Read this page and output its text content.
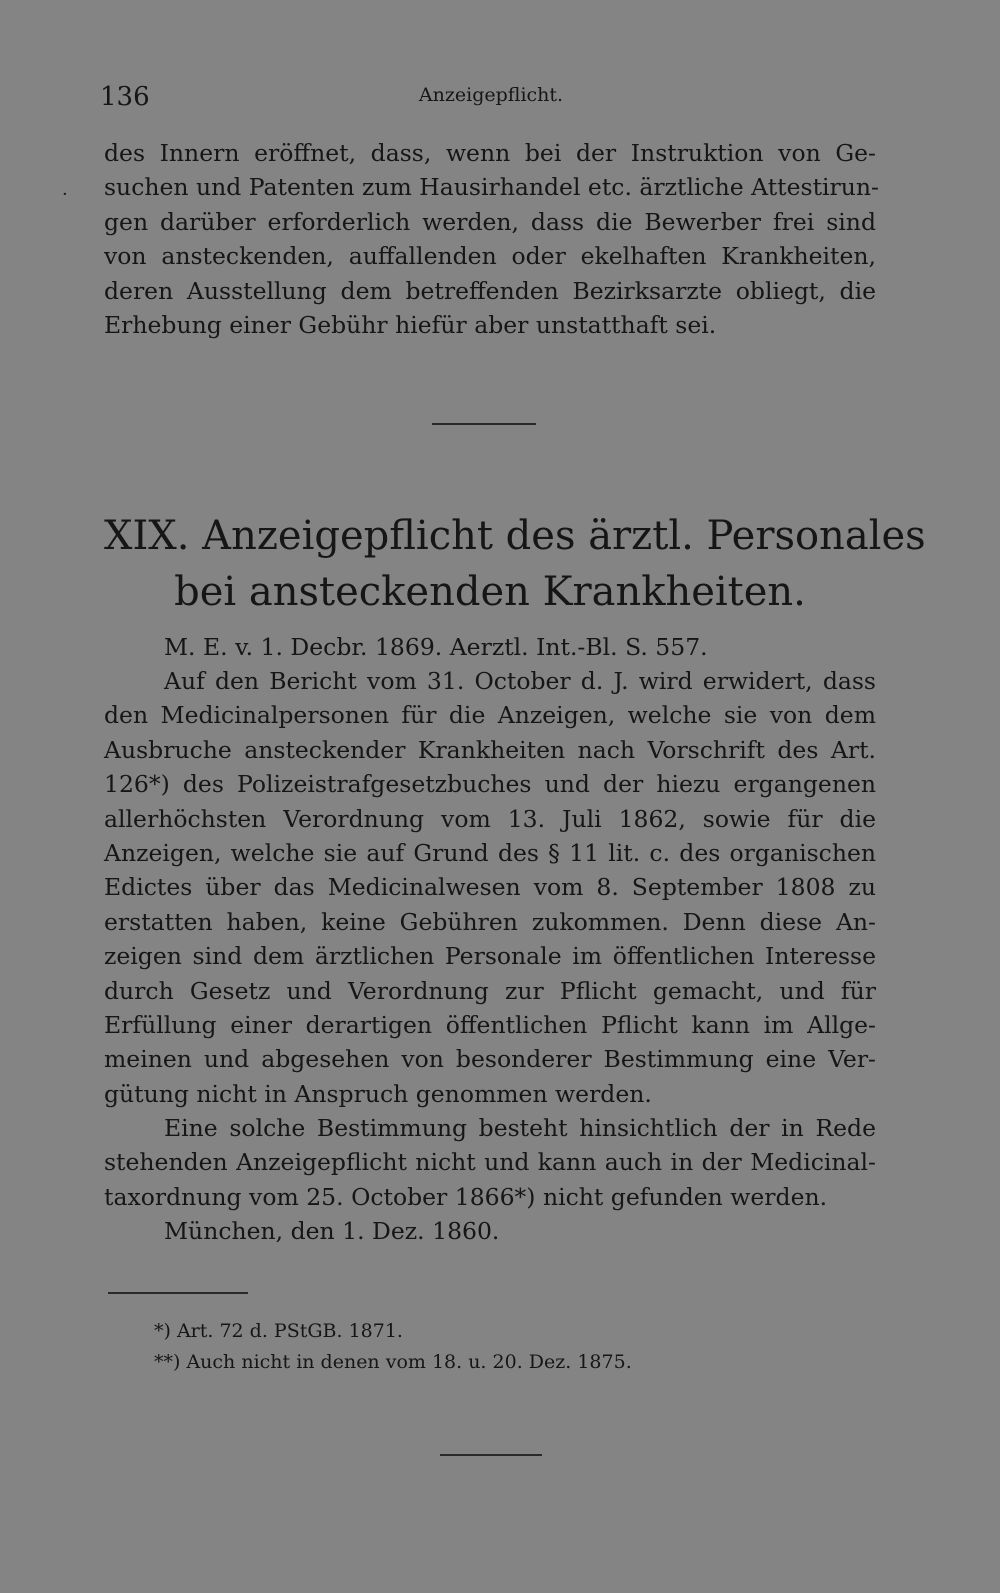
136	Anzeigepflicht.
·
des Innern eröffnet, dass, wenn bei der Instruktion von Ge-
suchen und Patenten zum Hausirhandel etc. ärztliche Attestirun-
gen darüber erforderlich werden, dass die Bewerber frei sind
von ansteckenden, auffallenden oder ekelhaften Krankheiten,
deren Ausstellung dem betreffenden Bezirksarzte obliegt, die
Erhebung einer Gebühr hiefür aber unstatthaft sei.
XIX. Anzeigepflicht des ärztl. Personales
bei ansteckenden Krankheiten.
M. E. v. 1. Decbr. 1869. Aerztl. Int.-Bl. S. 557.
Auf den Bericht vom 31. October d. J. wird erwidert, dass
den Medicinalpersonen für die Anzeigen, welche sie von dem
Ausbruche ansteckender Krankheiten nach Vorschrift des Art.
126*) des Polizeistrafgesetzbuches und der hiezu ergangenen
allerhöchsten Verordnung vom 13. Juli 1862, sowie für die
Anzeigen, welche sie auf Grund des § 11 lit. c. des organischen
Edictes über das Medicinalwesen vom 8. September 1808 zu
erstatten haben, keine Gebühren zukommen. Denn diese An-
zeigen sind dem ärztlichen Personale im öffentlichen Interesse
durch Gesetz und Verordnung zur Pflicht gemacht, und für
Erfüllung einer derartigen öffentlichen Pflicht kann im Allge-
meinen und abgesehen von besonderer Bestimmung eine Ver-
gütung nicht in Anspruch genommen werden.
Eine solche Bestimmung besteht hinsichtlich der in Rede
stehenden Anzeigepflicht nicht und kann auch in der Medicinal-
taxordnung vom 25. October 1866*) nicht gefunden werden.
München, den 1. Dez. 1860.
*) Art. 72 d. PStGB. 1871.
**) Auch nicht in denen vom 18. u. 20. Dez. 1875.
